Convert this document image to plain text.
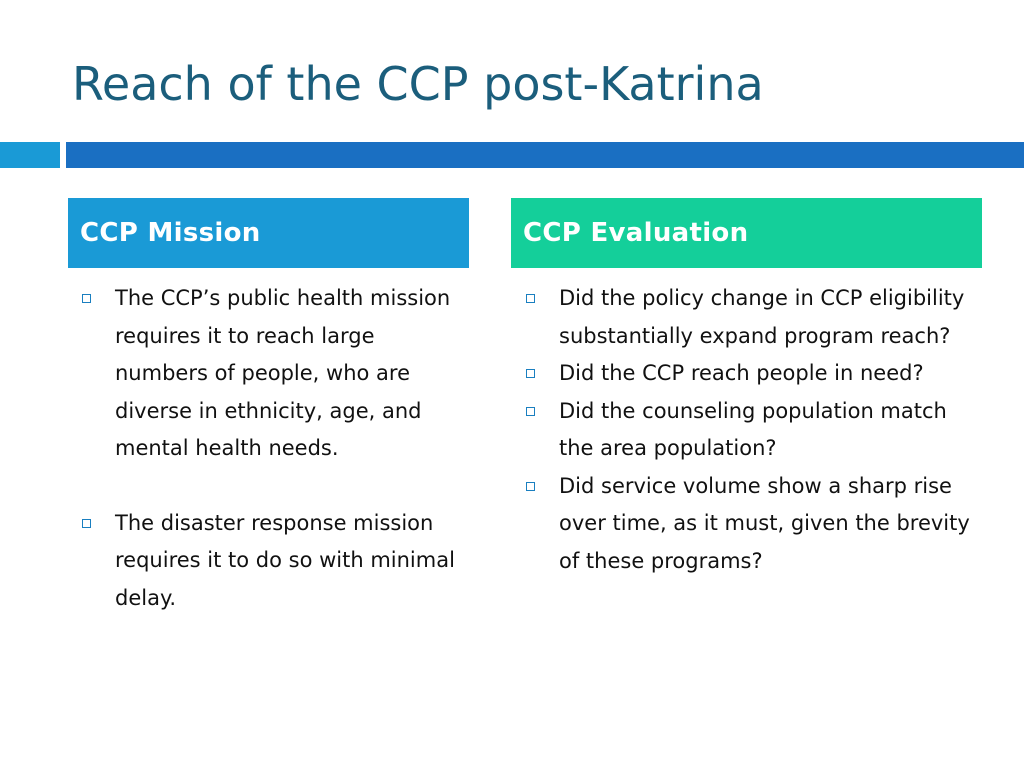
Reach of the CCP post-Katrina
CCP Mission	CCP Evaluation
The CCP’s public health mission requires it to reach large numbers of people, who are diverse in ethnicity, age, and mental health needs.
The disaster response mission requires it to do so with minimal delay.
Did the policy change in CCP eligibility substantially expand program reach?
Did the CCP reach people in need?
Did the counseling population match the area population?
Did service volume show a sharp rise over time, as it must, given the brevity of these programs?
